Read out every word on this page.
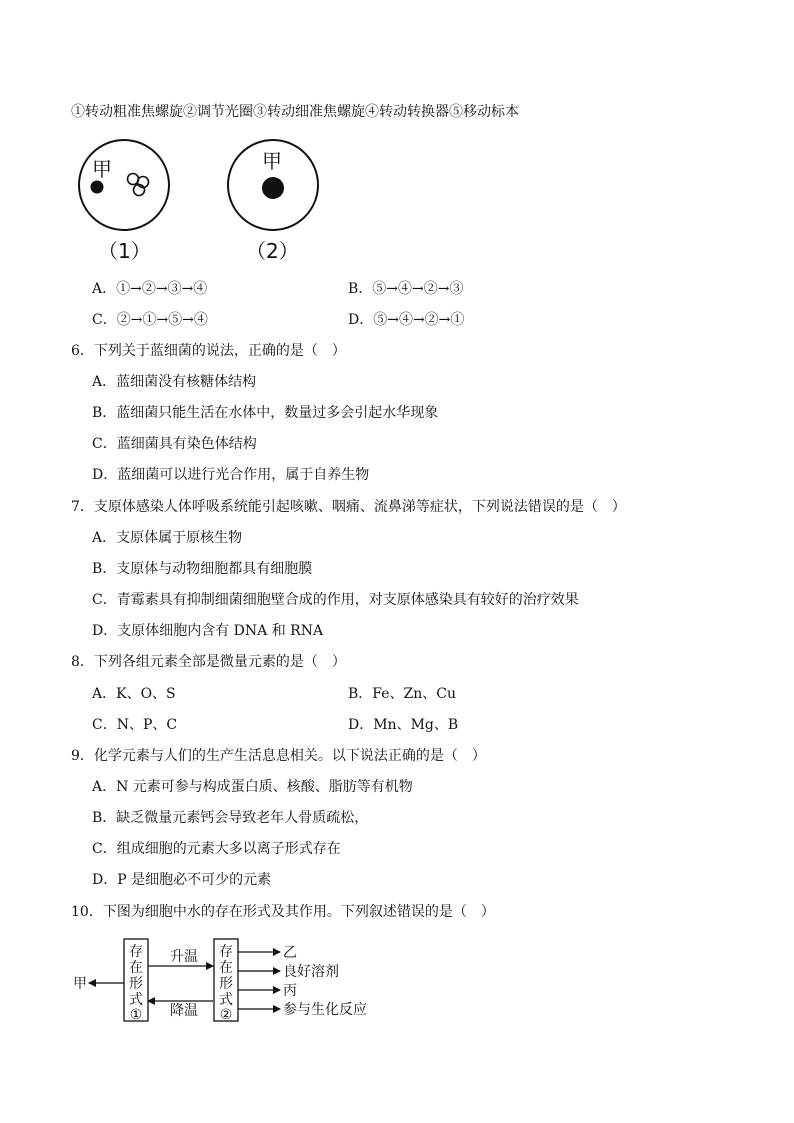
①转动粗准焦螺旋②调节光圈③转动细准焦螺旋④转动转换器⑤移动标本
甲
（1）
甲
（2）
A．①→②→③→④	B．⑤→④→②→③
C．②→①→⑤→④	D．⑤→④→②→①
6．下列关于蓝细菌的说法，正确的是（　）
A．蓝细菌没有核糖体结构
B．蓝细菌只能生活在水体中，数量过多会引起水华现象
C．蓝细菌具有染色体结构
D．蓝细菌可以进行光合作用，属于自养生物
7．支原体感染人体呼吸系统能引起咳嗽、咽痛、流鼻涕等症状，下列说法错误的是（　）
A．支原体属于原核生物
B．支原体与动物细胞都具有细胞膜
C．青霉素具有抑制细菌细胞壁合成的作用，对支原体感染具有较好的治疗效果
D．支原体细胞内含有 DNA 和 RNA
8．下列各组元素全部是微量元素的是（　）
A．K、O、S	B．Fe、Zn、Cu
C．N、P、C	D．Mn、Mg、B
9．化学元素与人们的生产生活息息相关。以下说法正确的是（　）
A．N 元素可参与构成蛋白质、核酸、脂肪等有机物
B．缺乏微量元素钙会导致老年人骨质疏松，
C．组成细胞的元素大多以离子形式存在
D．P 是细胞必不可少的元素
10．下图为细胞中水的存在形式及其作用。下列叙述错误的是（　）
甲
存
在
形
式
①
升温
降温
存
在
形
式
②
乙
良好溶剂
丙
参与生化反应
